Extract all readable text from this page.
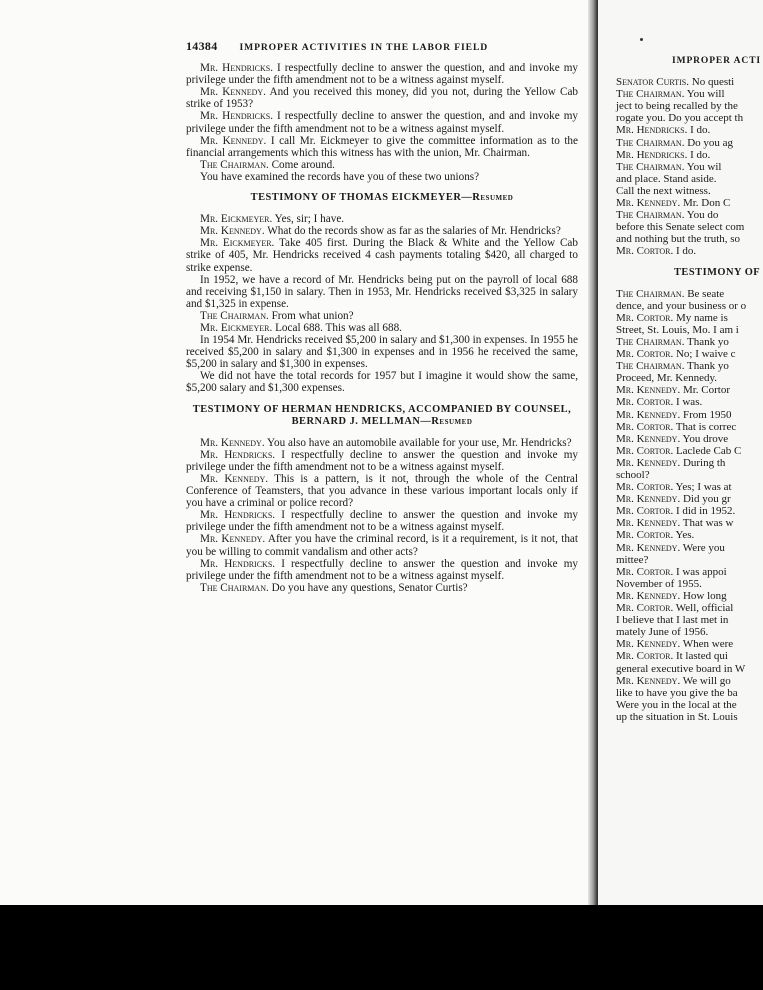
14384 IMPROPER ACTIVITIES IN THE LABOR FIELD

Mr. Hendricks. I respectfully decline to answer the question, and and invoke my privilege under the fifth amendment not to be a witness against myself.

Mr. Kennedy. And you received this money, did you not, during the Yellow Cab strike of 1953?

Mr. Hendricks. I respectfully decline to answer the question, and and invoke my privilege under the fifth amendment not to be a witness against myself.

Mr. Kennedy. I call Mr. Eickmeyer to give the committee information as to the financial arrangements which this witness has with the union, Mr. Chairman.

The Chairman. Come around.

You have examined the records have you of these two unions?

TESTIMONY OF THOMAS EICKMEYER—Resumed

Mr. Eickmeyer. Yes, sir; I have.

Mr. Kennedy. What do the records show as far as the salaries of Mr. Hendricks?

Mr. Eickmeyer. Take 405 first. During the Black & White and the Yellow Cab strike of 405, Mr. Hendricks received 4 cash payments totaling $420, all charged to strike expense.

In 1952, we have a record of Mr. Hendricks being put on the payroll of local 688 and receiving $1,150 in salary. Then in 1953, Mr. Hendricks received $3,325 in salary and $1,325 in expense.

The Chairman. From what union?

Mr. Eickmeyer. Local 688. This was all 688.

In 1954 Mr. Hendricks received $5,200 in salary and $1,300 in expenses. In 1955 he received $5,200 in salary and $1,300 in expenses and in 1956 he received the same, $5,200 in salary and $1,300 in expenses.

We did not have the total records for 1957 but I imagine it would show the same, $5,200 salary and $1,300 expenses.

TESTIMONY OF HERMAN HENDRICKS, ACCOMPANIED BY COUNSEL, BERNARD J. MELLMAN—Resumed

Mr. Kennedy. You also have an automobile available for your use, Mr. Hendricks?

Mr. Hendricks. I respectfully decline to answer the question and invoke my privilege under the fifth amendment not to be a witness against myself.

Mr. Kennedy. This is a pattern, is it not, through the whole of the Central Conference of Teamsters, that you advance in these various important locals only if you have a criminal or police record?

Mr. Hendricks. I respectfully decline to answer the question and invoke my privilege under the fifth amendment not to be a witness against myself.

Mr. Kennedy. After you have the criminal record, is it a requirement, is it not, that you be willing to commit vandalism and other acts?

Mr. Hendricks. I respectfully decline to answer the question and invoke my privilege under the fifth amendment not to be a witness against myself.

The Chairman. Do you have any questions, Senator Curtis?

IMPROPER ACTI

Senator Curtis. No questi

The Chairman. You will

ject to being recalled by the

rogate you. Do you accept th

Mr. Hendricks. I do.

The Chairman. Do you ag

Mr. Hendricks. I do.

The Chairman. You wil

and place. Stand aside.

Call the next witness.

Mr. Kennedy. Mr. Don C

The Chairman. You do

before this Senate select com

and nothing but the truth, so

Mr. Cortor. I do.

TESTIMONY OF

The Chairman. Be seate

dence, and your business or o

Mr. Cortor. My name is

Street, St. Louis, Mo. I am i

The Chairman. Thank yo

Mr. Cortor. No; I waive c

The Chairman. Thank yo

Proceed, Mr. Kennedy.

Mr. Kennedy. Mr. Cortor

Mr. Cortor. I was.

Mr. Kennedy. From 1950

Mr. Cortor. That is correc

Mr. Kennedy. You drove

Mr. Cortor. Laclede Cab C

Mr. Kennedy. During th

school?

Mr. Cortor. Yes; I was at

Mr. Kennedy. Did you gr

Mr. Cortor. I did in 1952.

Mr. Kennedy. That was w

Mr. Cortor. Yes.

Mr. Kennedy. Were you

mittee?

Mr. Cortor. I was appoi

November of 1955.

Mr. Kennedy. How long

Mr. Cortor. Well, official

I believe that I last met in

mately June of 1956.

Mr. Kennedy. When were

Mr. Cortor. It lasted qui

general executive board in W

Mr. Kennedy. We will go

like to have you give the ba

Were you in the local at the

up the situation in St. Louis
